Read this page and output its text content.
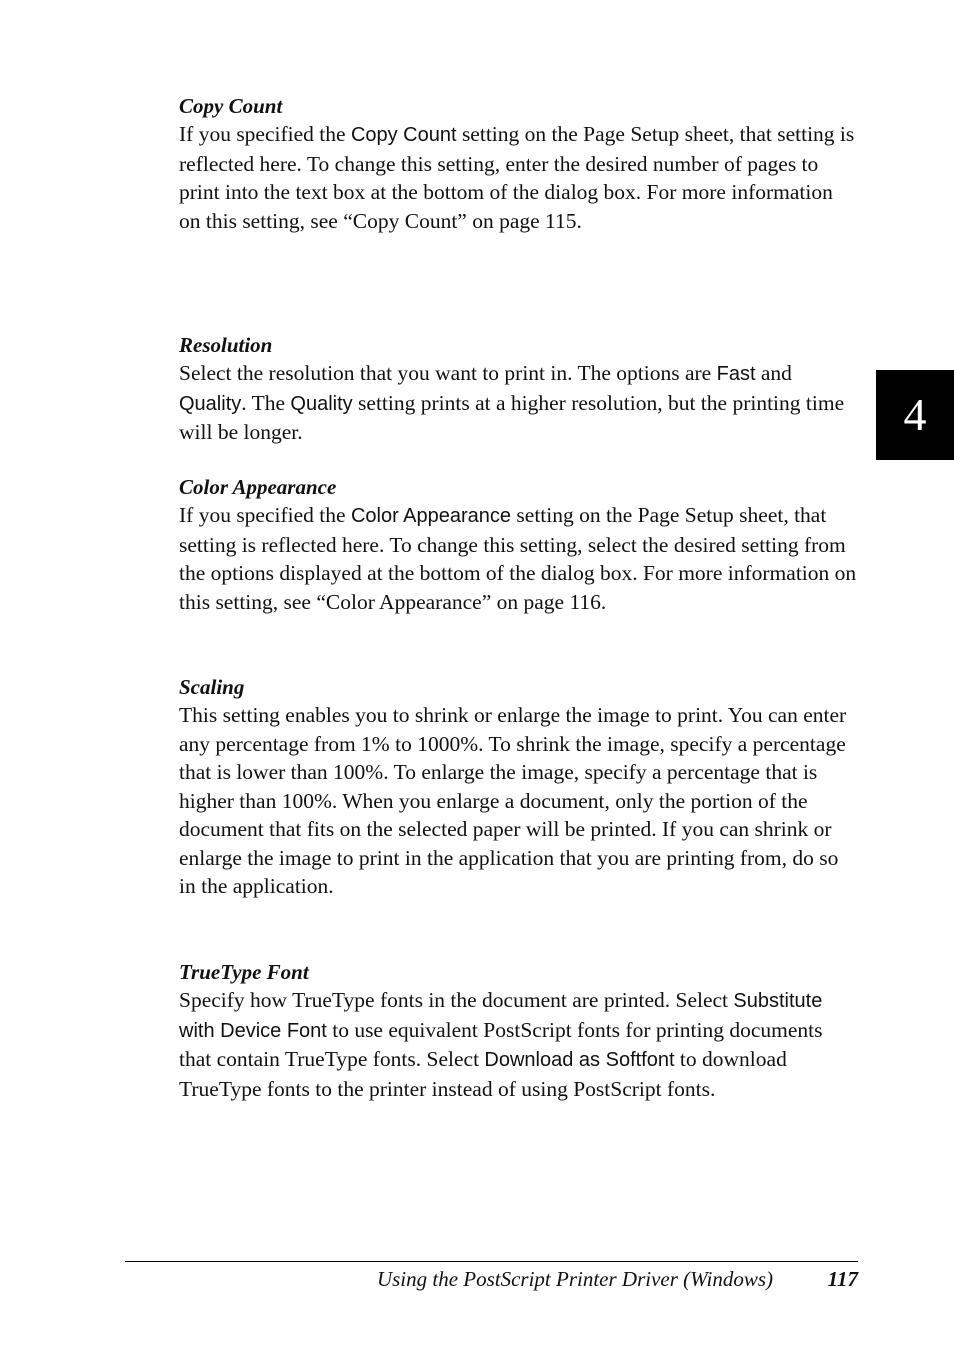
Copy Count

If you specified the Copy Count setting on the Page Setup sheet, that setting is reflected here. To change this setting, enter the desired number of pages to print into the text box at the bottom of the dialog box. For more information on this setting, see “Copy Count” on page 115.

Resolution

Select the resolution that you want to print in. The options are Fast and Quality. The Quality setting prints at a higher resolution, but the printing time will be longer.

Color Appearance

If you specified the Color Appearance setting on the Page Setup sheet, that setting is reflected here. To change this setting, select the desired setting from the options displayed at the bottom of the dialog box. For more information on this setting, see “Color Appearance” on page 116.

Scaling

This setting enables you to shrink or enlarge the image to print. You can enter any percentage from 1% to 1000%. To shrink the image, specify a percentage that is lower than 100%. To enlarge the image, specify a percentage that is higher than 100%. When you enlarge a document, only the portion of the document that fits on the selected paper will be printed. If you can shrink or enlarge the image to print in the application that you are printing from, do so in the application.

TrueType Font

Specify how TrueType fonts in the document are printed. Select Substitute with Device Font to use equivalent PostScript fonts for printing documents that contain TrueType fonts. Select Download as Softfont to download TrueType fonts to the printer instead of using PostScript fonts.

4
Using the PostScript Printer Driver (Windows)	117
